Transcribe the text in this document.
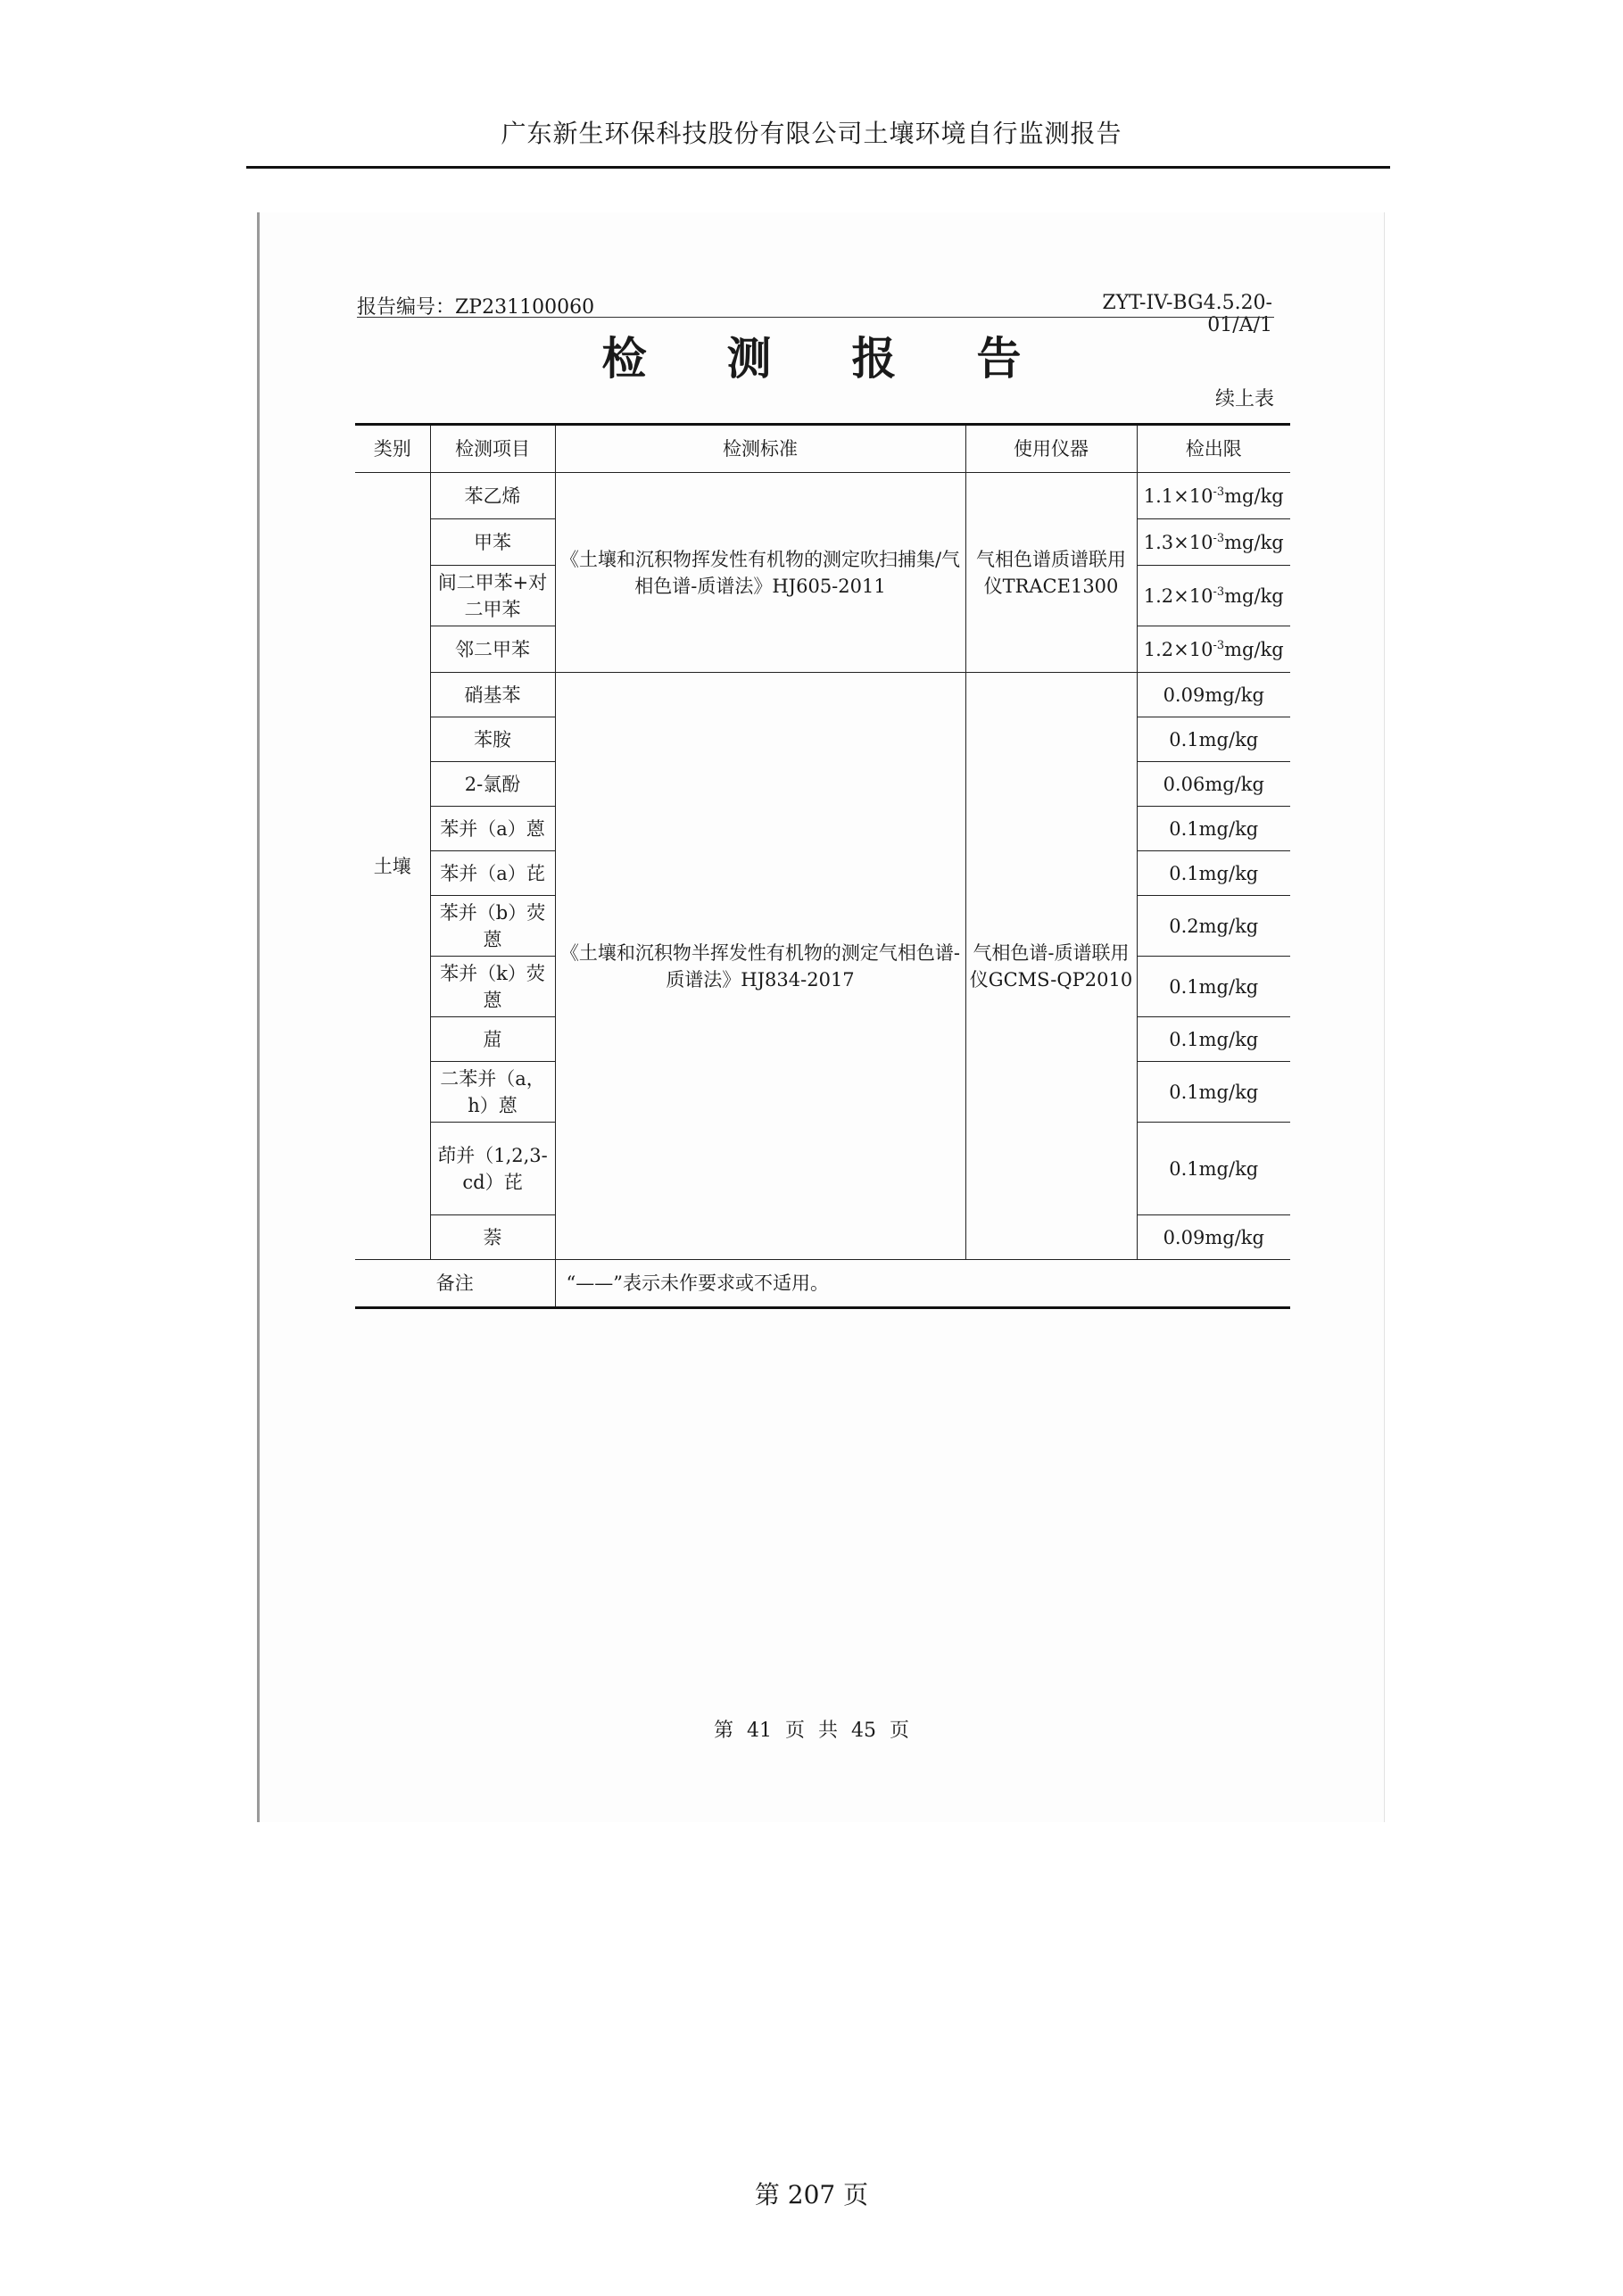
广东新生环保科技股份有限公司土壤环境自行监测报告
报告编号：ZP231100060	ZYT-IV-BG4.5.20-01/A/1
检测报告
续上表
类别	检测项目	检测标准	使用仪器	检出限
土壤	苯乙烯	《土壤和沉积物挥发性有机物的测定吹扫捕集/气相色谱-质谱法》HJ605-2011	气相色谱质谱联用仪TRACE1300	$1.1\times 10^{-3}mg/kg$
	甲苯			$1.3\times 10^{-3}mg/kg$
	间二甲苯+对二甲苯			$1.2\times 10^{-3}mg/kg$
	邻二甲苯			$1.2\times 10^{-3}mg/kg$
	硝基苯	《土壤和沉积物半挥发性有机物的测定气相色谱-质谱法》HJ834-2017	气相色谱-质谱联用仪GCMS-QP2010	0.09mg/kg
	苯胺			0.1mg/kg
	2-氯酚			0.06mg/kg
	苯并（a）蒽			0.1mg/kg
	苯并（a）芘			0.1mg/kg
	苯并（b）荧蒽			0.2mg/kg
	苯并（k）荧蒽			0.1mg/kg
	䓛			0.1mg/kg
	二苯并（a，h）蒽			0.1mg/kg
	茚并（1,2,3-cd）芘			0.1mg/kg
	萘			0.09mg/kg
备注		“——”表示未作要求或不适用。		
第 41 页 共 45 页
第 207 页
